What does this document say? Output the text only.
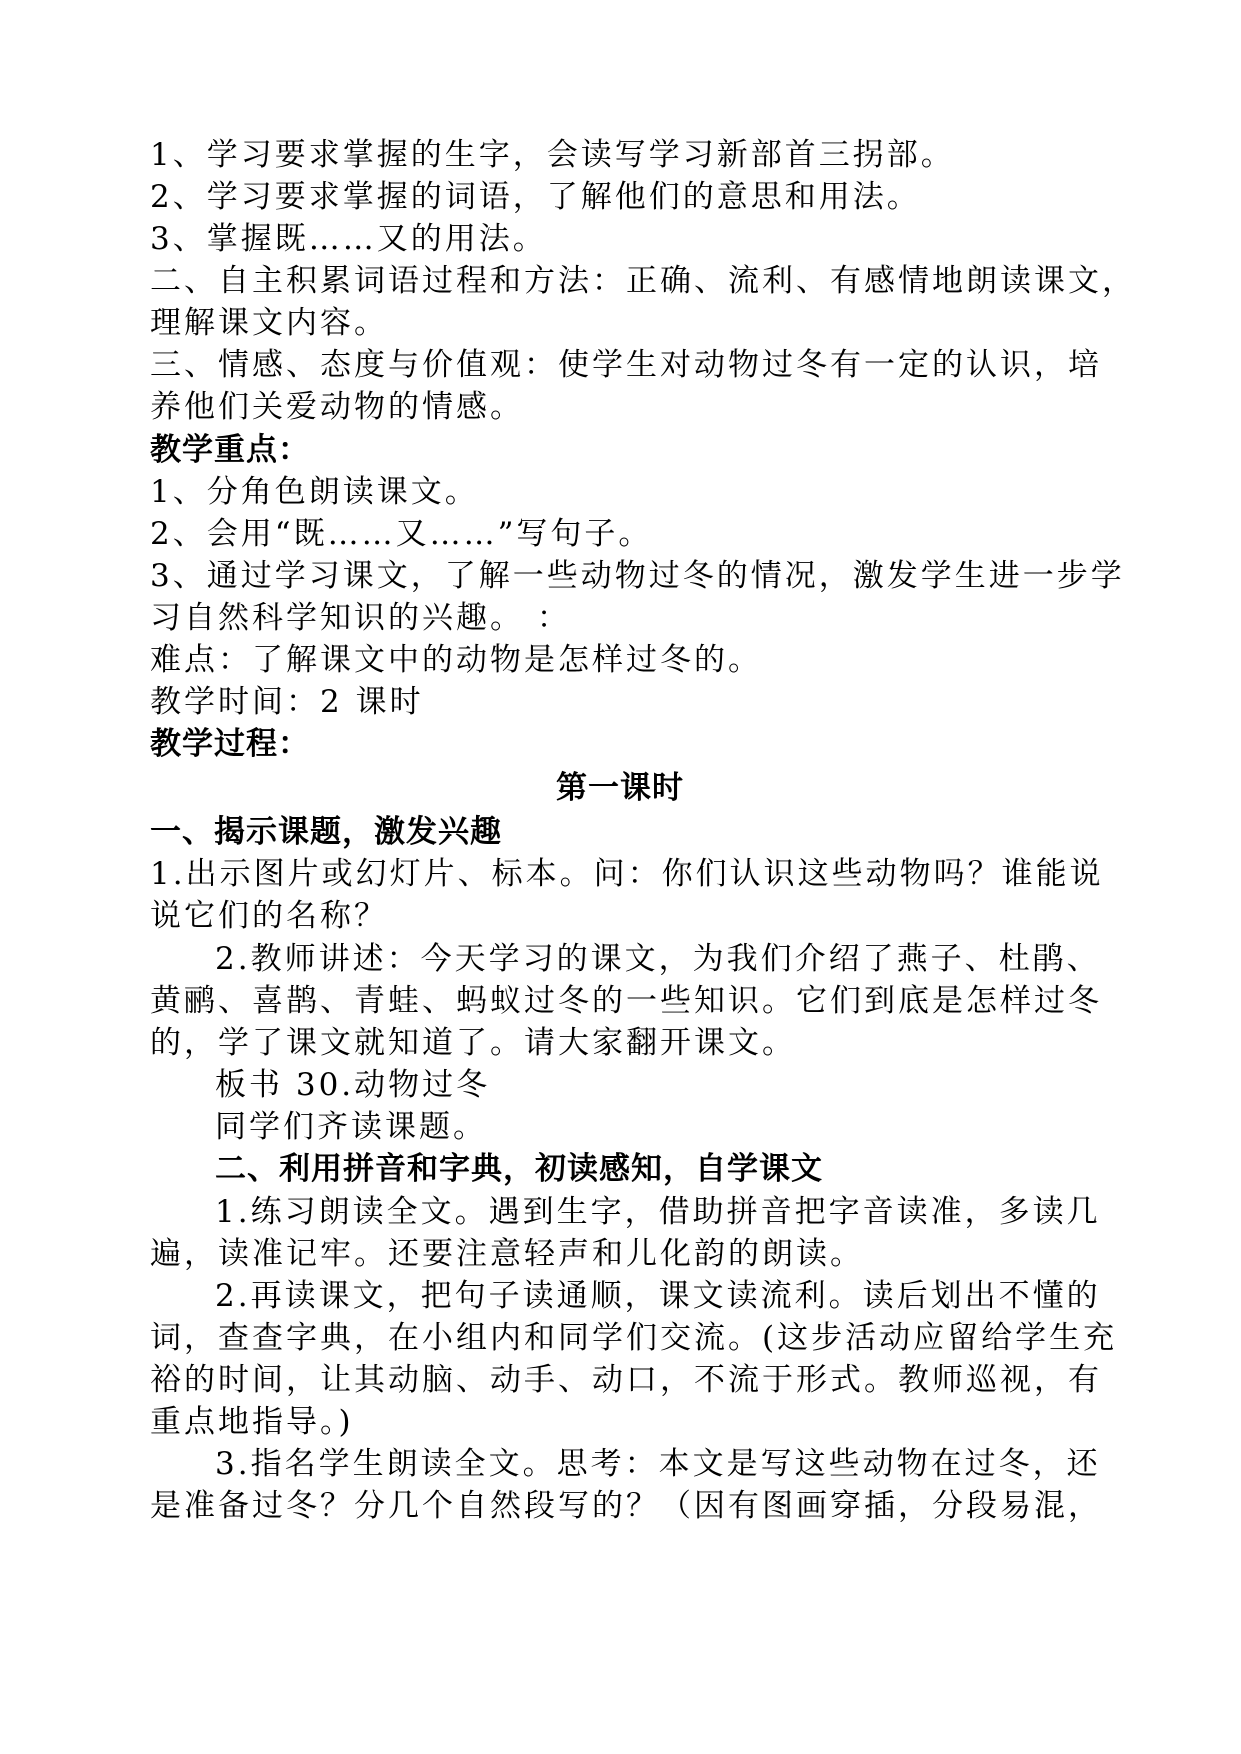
1、学习要求掌握的生字，会读写学习新部首三拐部。
2、学习要求掌握的词语，了解他们的意思和用法。
3、掌握既……又的用法。
二、自主积累词语过程和方法：正确、流利、有感情地朗读课文，
理解课文内容。
三、情感、态度与价值观：使学生对动物过冬有一定的认识，培
养他们关爱动物的情感。
教学重点：
1、分角色朗读课文。
2、会用“既……又……”写句子。
3、通过学习课文，了解一些动物过冬的情况，激发学生进一步学
习自然科学知识的兴趣。 ：
难点：了解课文中的动物是怎样过冬的。
教学时间：2 课时
教学过程：
第一课时
一、揭示课题，激发兴趣
1.出示图片或幻灯片、标本。问：你们认识这些动物吗？谁能说
说它们的名称？
2.教师讲述：今天学习的课文，为我们介绍了燕子、杜鹃、
黄鹂、喜鹊、青蛙、蚂蚁过冬的一些知识。它们到底是怎样过冬
的，学了课文就知道了。请大家翻开课文。
板书 30.动物过冬
同学们齐读课题。
二、利用拼音和字典，初读感知，自学课文
1.练习朗读全文。遇到生字，借助拼音把字音读准，多读几
遍，读准记牢。还要注意轻声和儿化韵的朗读。
2.再读课文，把句子读通顺，课文读流利。读后划出不懂的
词，查查字典，在小组内和同学们交流。(这步活动应留给学生充
裕的时间，让其动脑、动手、动口，不流于形式。教师巡视，有
重点地指导。)
3.指名学生朗读全文。思考：本文是写这些动物在过冬，还
是准备过冬？分几个自然段写的？（因有图画穿插，分段易混，
